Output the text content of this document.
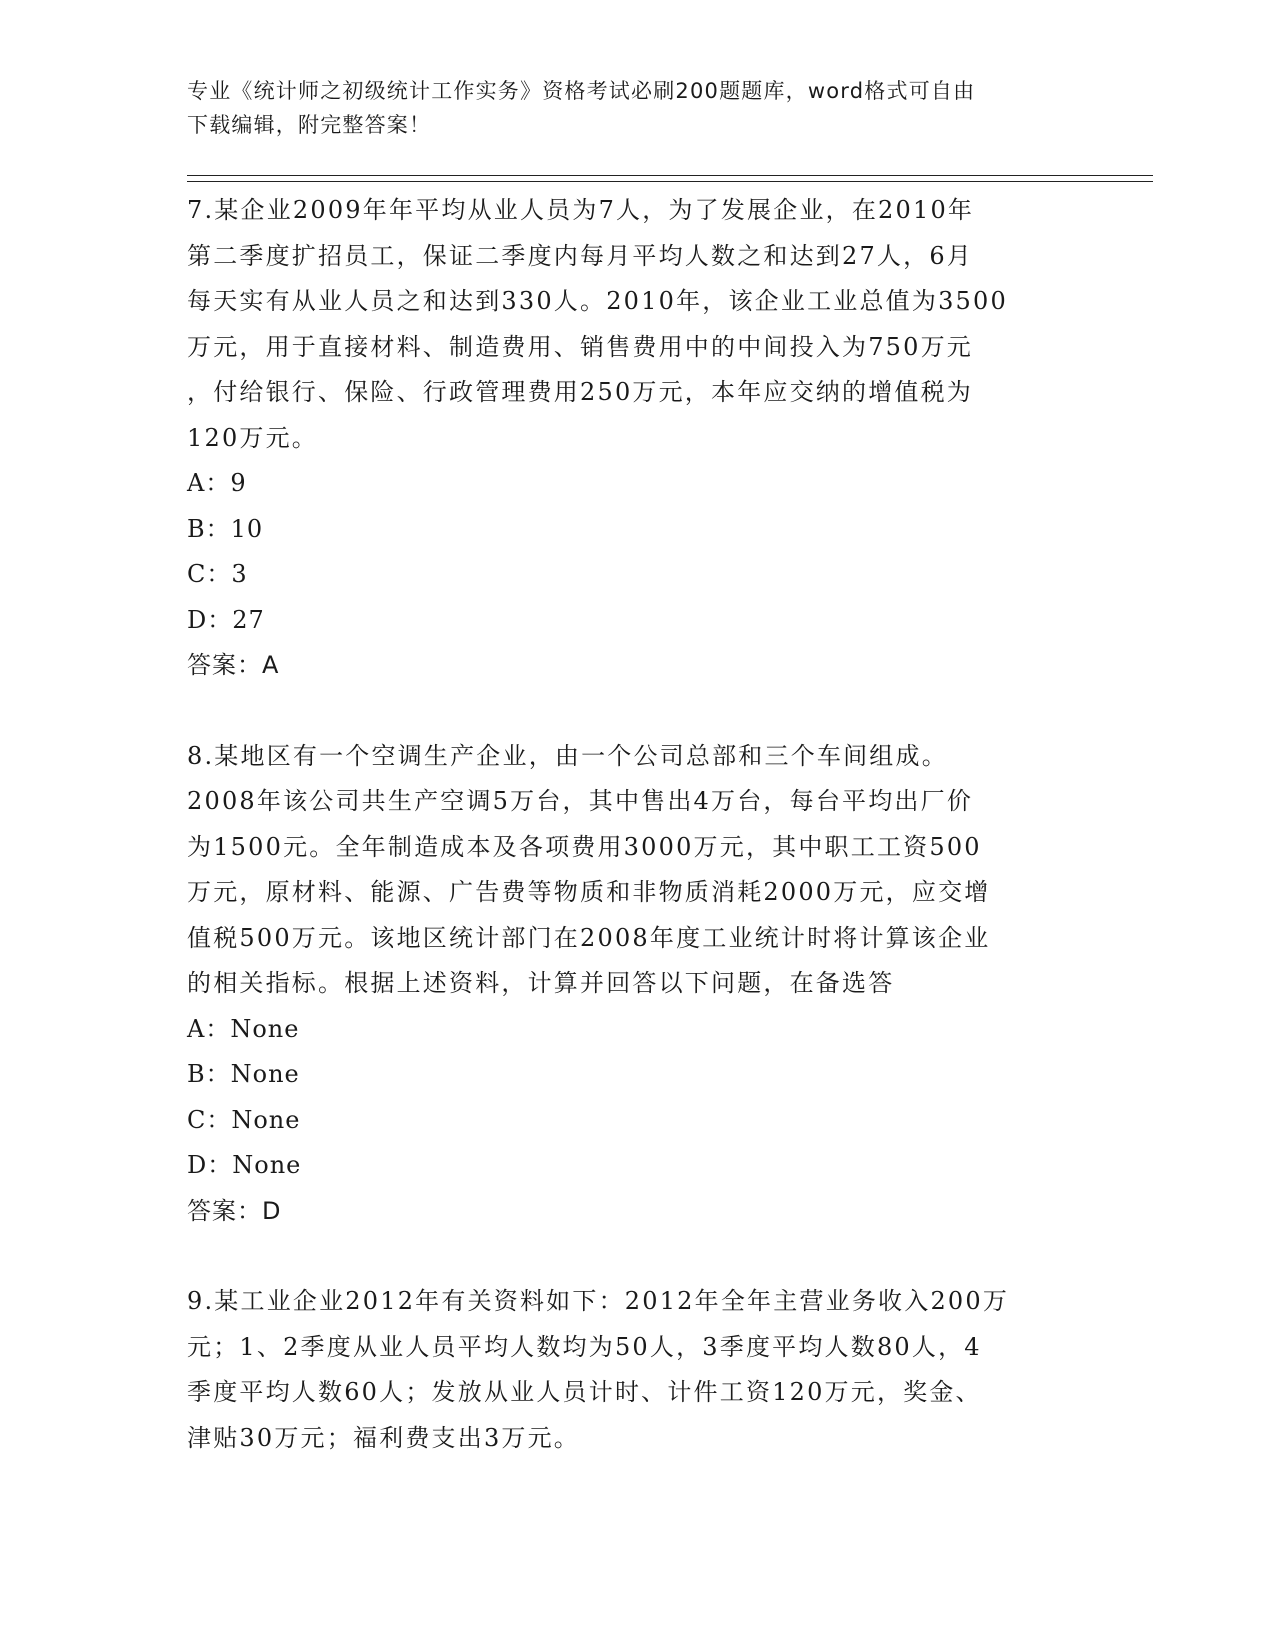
专业《统计师之初级统计工作实务》资格考试必刷200题题库，word格式可自由
下载编辑，附完整答案！

7.某企业2009年年平均从业人员为7人，为了发展企业，在2010年

第二季度扩招员工，保证二季度内每月平均人数之和达到27人，6月

每天实有从业人员之和达到330人。2010年，该企业工业总值为3500

万元，用于直接材料、制造费用、销售费用中的中间投入为750万元

，付给银行、保险、行政管理费用250万元，本年应交纳的增值税为

120万元。

A：9

B：10

C：3

D：27

答案：A

8.某地区有一个空调生产企业，由一个公司总部和三个车间组成。

2008年该公司共生产空调5万台，其中售出4万台，每台平均出厂价

为1500元。全年制造成本及各项费用3000万元，其中职工工资500

万元，原材料、能源、广告费等物质和非物质消耗2000万元，应交增

值税500万元。该地区统计部门在2008年度工业统计时将计算该企业

的相关指标。根据上述资料，计算并回答以下问题，在备选答

A：None

B：None

C：None

D：None

答案：D

9.某工业企业2012年有关资料如下：2012年全年主营业务收入200万

元；1、2季度从业人员平均人数均为50人，3季度平均人数80人，4

季度平均人数60人；发放从业人员计时、计件工资120万元，奖金、

津贴30万元；福利费支出3万元。
